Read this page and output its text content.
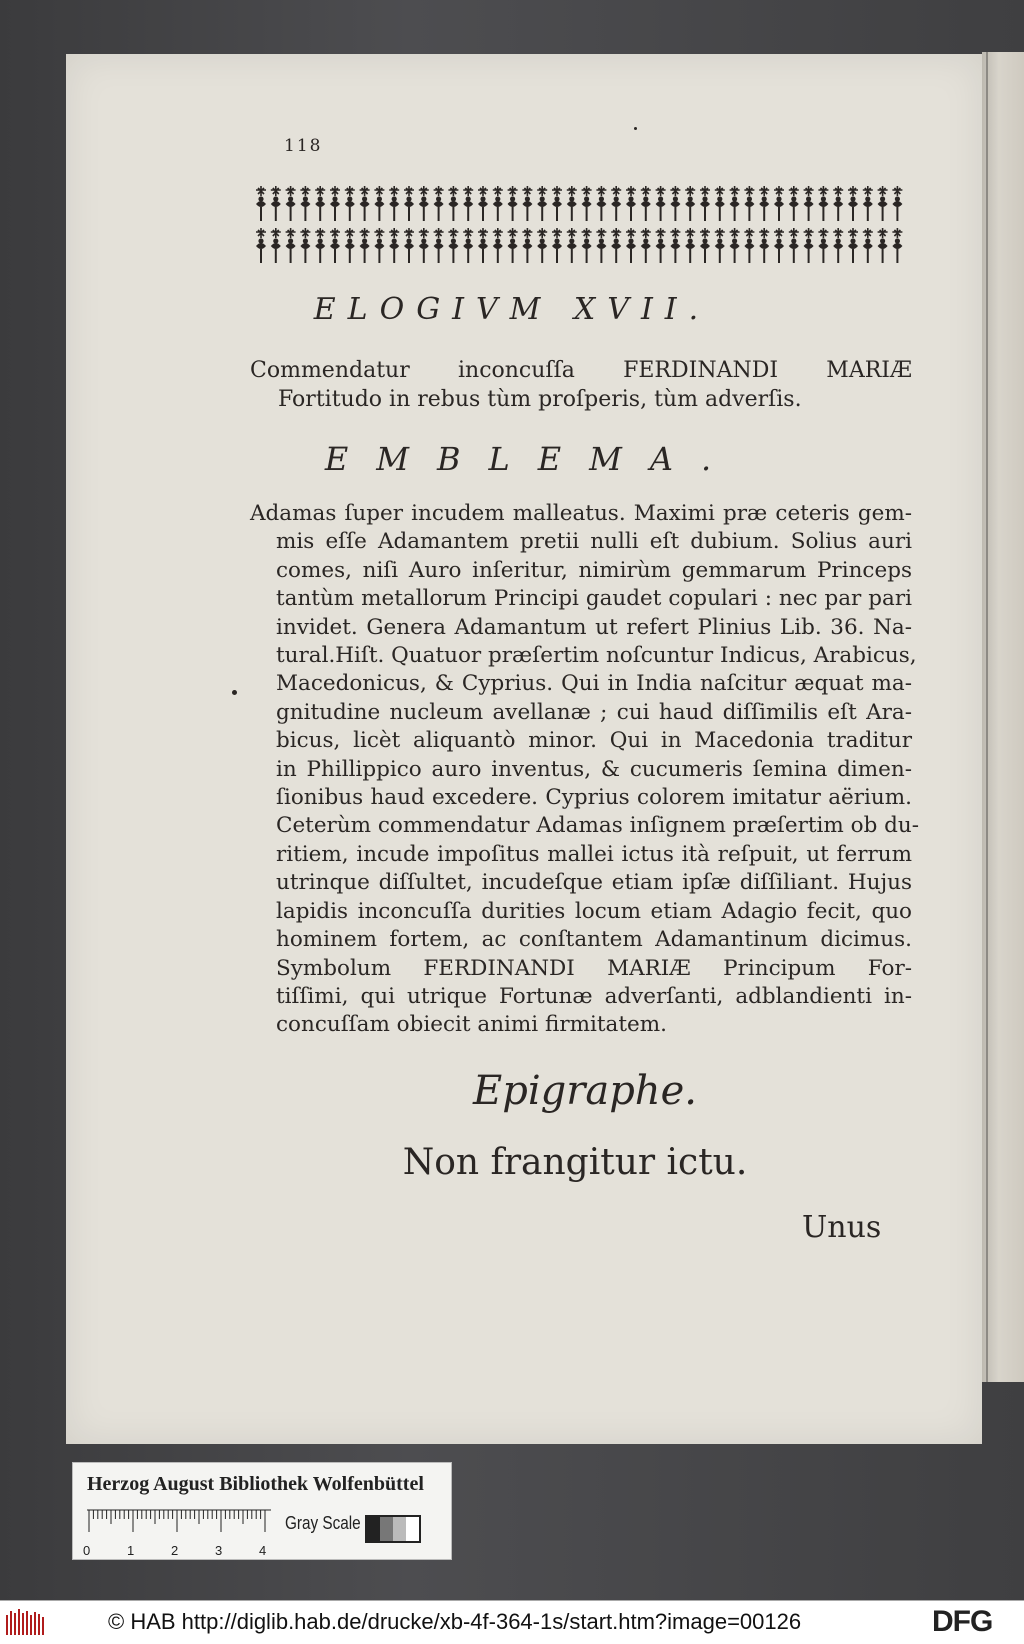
118
ELOGIVM XVII.
Commendatur inconcuſſa FERDINANDI MARIÆ
Fortitudo in rebus tùm proſperis, tùm adverſis.
EMBLEMA.
Adamas ſuper incudem malleatus. Maximi præ ceteris gem-
mis eſſe Adamantem pretii nulli eſt dubium. Solius auri
comes, niſi Auro inſeritur, nimirùm gemmarum Princeps
tantùm metallorum Principi gaudet copulari : nec par pari
invidet. Genera Adamantum ut refert Plinius Lib. 36. Na-
tural.Hiſt. Quatuor præſertim noſcuntur Indicus, Arabicus,
Macedonicus, & Cyprius. Qui in India naſcitur æquat ma-
gnitudine nucleum avellanæ ; cui haud diſſimilis eſt Ara-
bicus, licèt aliquantò minor. Qui in Macedonia traditur
in Phillippico auro inventus, & cucumeris ſemina dimen-
ſionibus haud excedere. Cyprius colorem imitatur aërium.
Ceterùm commendatur Adamas inſignem præſertim ob du-
ritiem, incude impoſitus mallei ictus ità reſpuit, ut ferrum
utrinque diſſultet, incudeſque etiam ipſæ diſſiliant. Hujus
lapidis inconcuſſa durities locum etiam Adagio fecit, quo
hominem fortem, ac conſtantem Adamantinum dicimus.
Symbolum FERDINANDI MARIÆ Principum For-
tiſſimi, qui utrique Fortunæ adverſanti, adblandienti in-
concuſſam obiecit animi firmitatem.
Epigraphe.
Non frangitur ictu.
Unus
Herzog August Bibliothek Wolfenbüttel
0	1	2	3	4
Gray Scale
© HAB http://diglib.hab.de/drucke/xb-4f-364-1s/start.htm?image=00126	DFG
